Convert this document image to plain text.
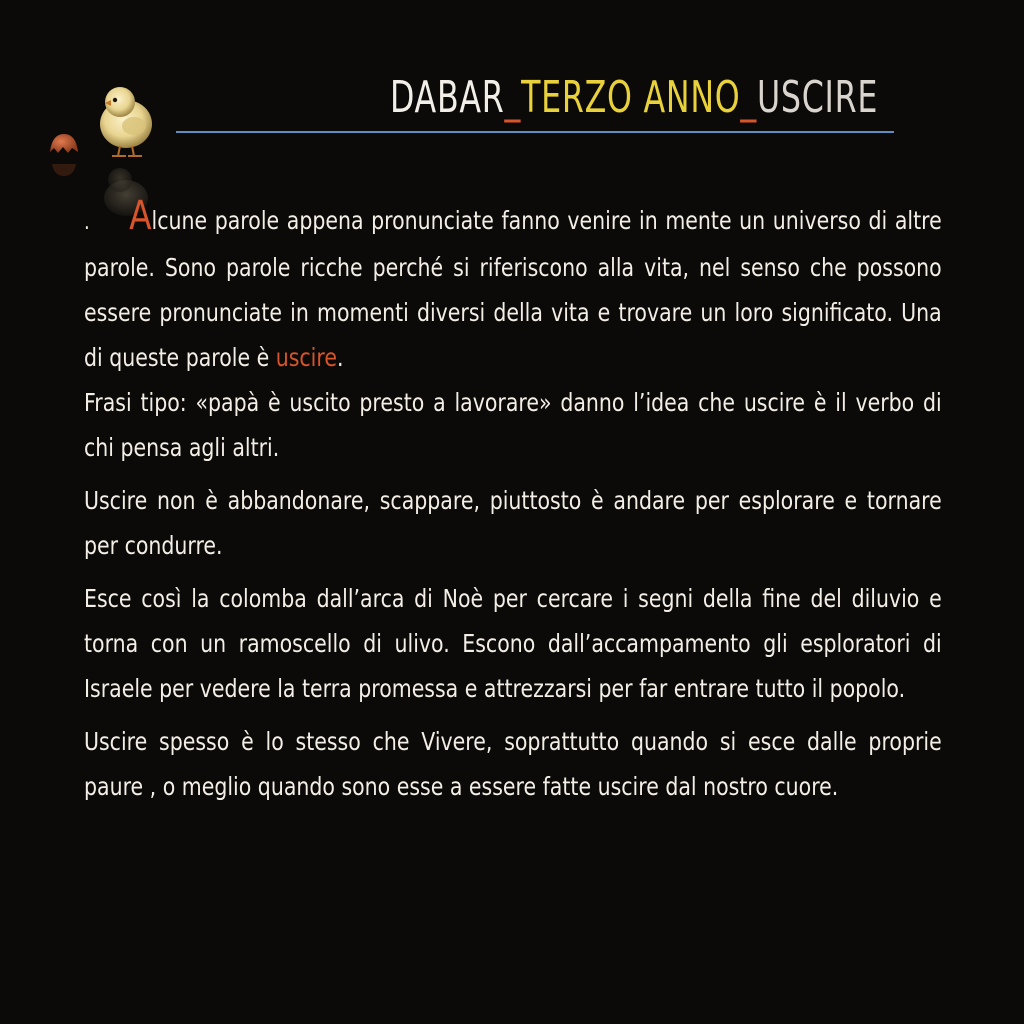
DABAR_TERZO ANNO_USCIRE

. Alcune parole appena pronunciate fanno venire in mente un universo di altre parole. Sono parole ricche perché si riferiscono alla vita, nel senso che possono essere pronunciate in momenti diversi della vita e trovare un loro significato. Una di queste parole è uscire.

Frasi tipo: «papà è uscito presto a lavorare» danno l’idea che uscire è il verbo di chi pensa agli altri.

Uscire non è abbandonare, scappare, piuttosto è andare per esplorare e tornare per condurre.

Esce così la colomba dall’arca di Noè per cercare i segni della fine del diluvio e torna con un ramoscello di ulivo. Escono dall’accampamento gli esploratori di Israele per vedere la terra promessa e attrezzarsi per far entrare tutto il popolo.

Uscire spesso è lo stesso che Vivere, soprattutto quando si esce dalle proprie paure , o meglio quando sono esse a essere fatte uscire dal nostro cuore.
